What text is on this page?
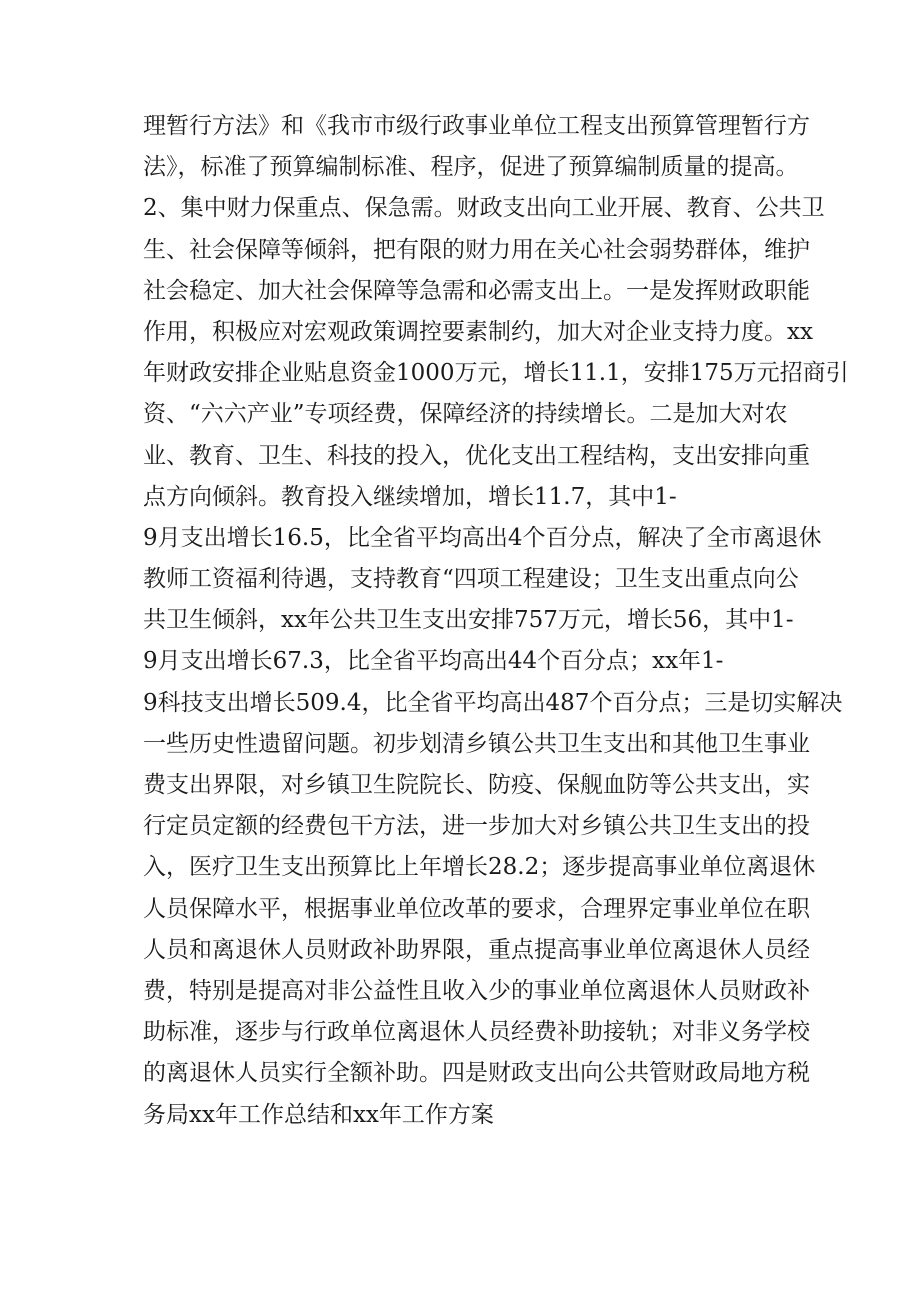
理暂行方法》和《我市市级行政事业单位工程支出预算管理暂行方
法》，标准了预算编制标准、程序，促进了预算编制质量的提高。
2、集中财力保重点、保急需。财政支出向工业开展、教育、公共卫
生、社会保障等倾斜，把有限的财力用在关心社会弱势群体，维护
社会稳定、加大社会保障等急需和必需支出上。一是发挥财政职能
作用，积极应对宏观政策调控要素制约，加大对企业支持力度。xx
年财政安排企业贴息资金1000万元，增长11.1，安排175万元招商引
资、“六六产业”专项经费，保障经济的持续增长。二是加大对农
业、教育、卫生、科技的投入，优化支出工程结构，支出安排向重
点方向倾斜。教育投入继续增加，增长11.7，其中1-
9月支出增长16.5，比全省平均高出4个百分点，解决了全市离退休
教师工资福利待遇，支持教育“四项工程建设；卫生支出重点向公
共卫生倾斜，xx年公共卫生支出安排757万元，增长56，其中1-
9月支出增长67.3，比全省平均高出44个百分点；xx年1-
9科技支出增长509.4，比全省平均高出487个百分点；三是切实解决
一些历史性遗留问题。初步划清乡镇公共卫生支出和其他卫生事业
费支出界限，对乡镇卫生院院长、防疫、保舰血防等公共支出，实
行定员定额的经费包干方法，进一步加大对乡镇公共卫生支出的投
入，医疗卫生支出预算比上年增长28.2；逐步提高事业单位离退休
人员保障水平，根据事业单位改革的要求，合理界定事业单位在职
人员和离退休人员财政补助界限，重点提高事业单位离退休人员经
费，特别是提高对非公益性且收入少的事业单位离退休人员财政补
助标准，逐步与行政单位离退休人员经费补助接轨；对非义务学校
的离退休人员实行全额补助。四是财政支出向公共管财政局地方税
务局xx年工作总结和xx年工作方案
